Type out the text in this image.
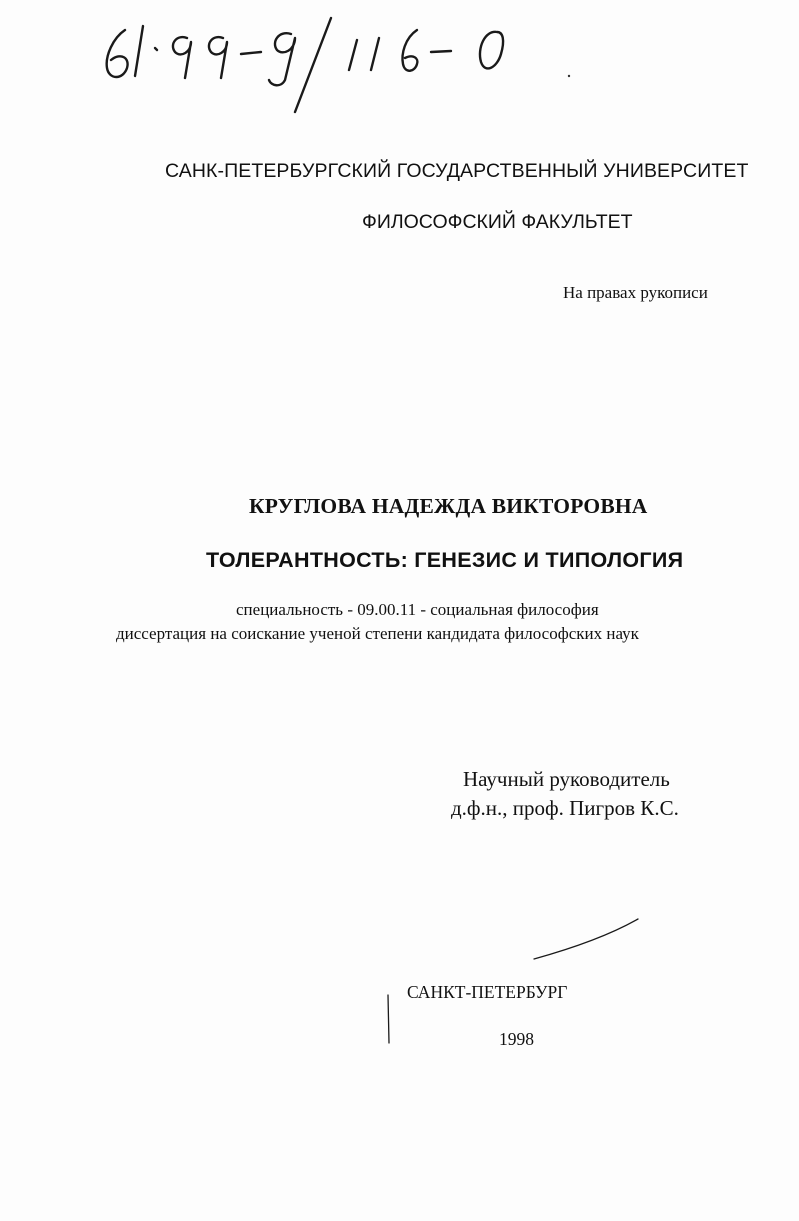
САНК-ПЕТЕРБУРГСКИЙ ГОСУДАРСТВЕННЫЙ УНИВЕРСИТЕТ
ФИЛОСОФСКИЙ ФАКУЛЬТЕТ
На правах рукописи
КРУГЛОВА НАДЕЖДА ВИКТОРОВНА
ТОЛЕРАНТНОСТЬ: ГЕНЕЗИС И ТИПОЛОГИЯ
специальность - 09.00.11 - социальная философия
диссертация на соискание ученой степени кандидата философских наук
Научный руководитель
д.ф.н., проф. Пигров К.С.
САНКТ-ПЕТЕРБУРГ
1998
